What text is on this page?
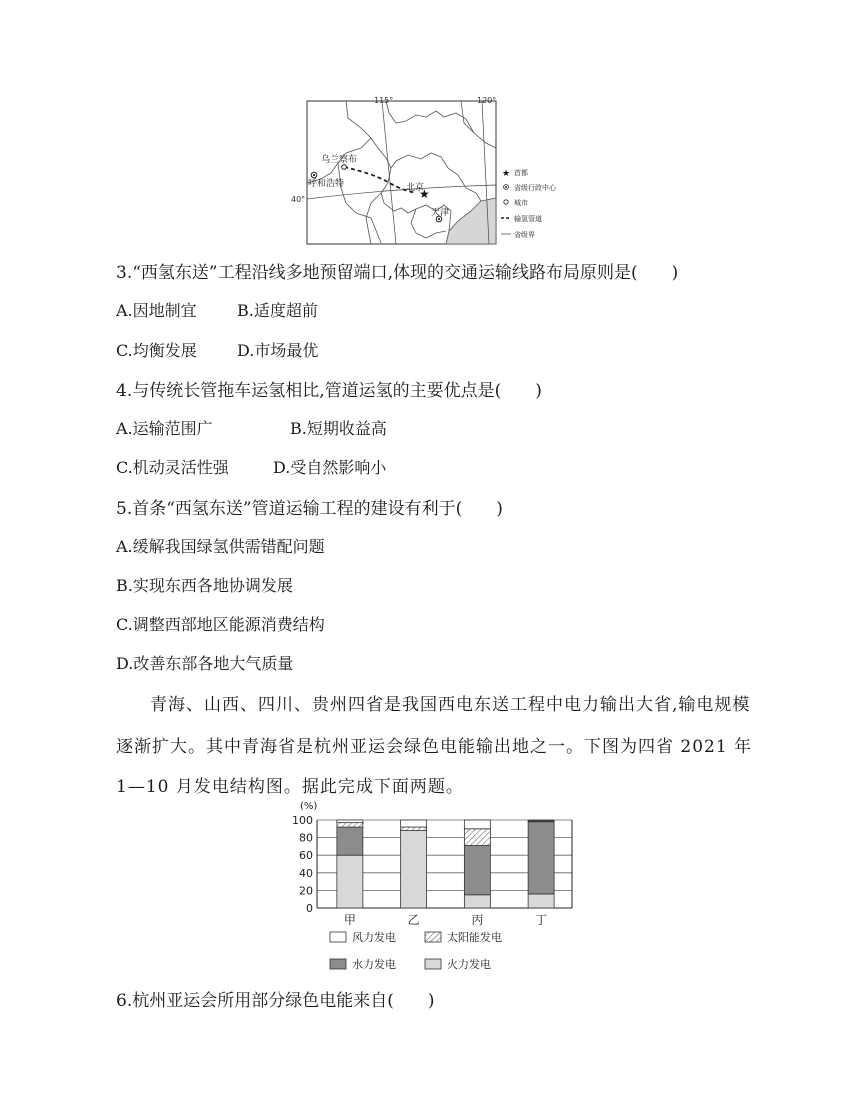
115°	120°
40°
乌兰察布
呼和浩特	北京
★
天津
★ 首都
省级行政中心
城市
输氢管道
省级界
3.“西氢东送”工程沿线多地预留端口,体现的交通运输线路布局原则是(　　)
A.因地制宜	B.适度超前
C.均衡发展	D.市场最优
4.与传统长管拖车运氢相比,管道运氢的主要优点是(　　)
A.运输范围广	B.短期收益高
C.机动灵活性强	D.受自然影响小
5.首条“西氢东送”管道运输工程的建设有利于(　　)
A.缓解我国绿氢供需错配问题
B.实现东西各地协调发展
C.调整西部地区能源消费结构
D.改善东部各地大气质量
青海、山西、四川、贵州四省是我国西电东送工程中电力输出大省,输电规模
逐渐扩大。其中青海省是杭州亚运会绿色电能输出地之一。下图为四省 2021 年
1—10 月发电结构图。据此完成下面两题。
(%)
0
20
40
60
80
100
甲	乙	丙	丁
风力发电	太阳能发电
水力发电	火力发电
6.杭州亚运会所用部分绿色电能来自(　　)
